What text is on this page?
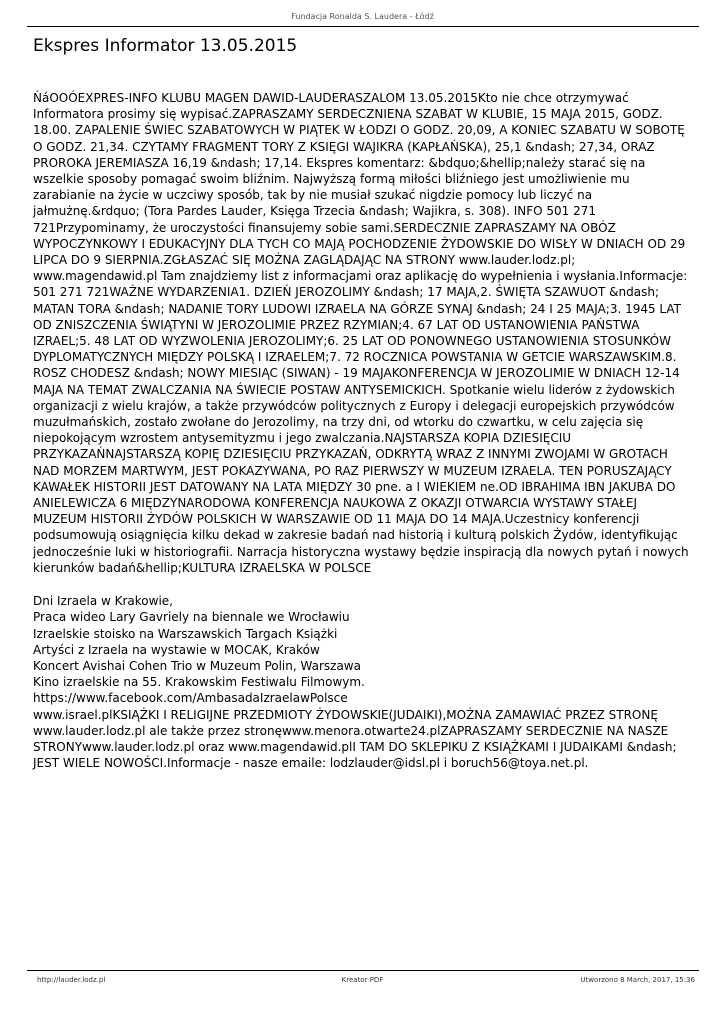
Fundacja Ronalda S. Laudera - Łódź
Ekspres Informator 13.05.2015

ŃáΟΟÓEXPRES-INFO KLUBU MAGEN DAWID-LAUDERASZALOM 13.05.2015Kto nie chce otrzymywać Informatora prosimy się wypisać.ZAPRASZAMY SERDECZNIENA SZABAT W KLUBIE, 15 MAJA 2015, GODZ. 18.00. ZAPALENIE ŚWIEC SZABATOWYCH W PIĄTEK W ŁODZI O GODZ. 20,09, A KONIEC SZABATU W SOBOTĘ O GODZ. 21,34. CZYTAMY FRAGMENT TORY Z KSIĘGI WAJIKRA (KAPŁAŃSKA), 25,1 &ndash; 27,34, ORAZ PROROKA JEREMIASZA 16,19 &ndash; 17,14. Ekspres komentarz: &bdquo;&hellip;należy starać się na wszelkie sposoby pomagać swoim bliźnim. Najwyższą formą miłości bliźniego jest umożliwienie mu zarabianie na życie w uczciwy sposób, tak by nie musiał szukać nigdzie pomocy lub liczyć na jałmużnę.&rdquo; (Tora Pardes Lauder, Księga Trzecia &ndash; Wajikra, s. 308). INFO 501 271 721Przypominamy, że uroczystości finansujemy sobie sami.SERDECZNIE ZAPRASZAMY NA OBÓZ WYPOCZYNKOWY I EDUKACYJNY DLA TYCH CO MAJĄ POCHODZENIE ŻYDOWSKIE DO WISŁY W DNIACH OD 29 LIPCA DO 9 SIERPNIA.ZGŁASZAĆ SIĘ MOŻNA ZAGLĄDAJĄC NA STRONY www.lauder.lodz.pl; www.magendawid.pl Tam znajdziemy list z informacjami oraz aplikację do wypełnienia i wysłania.Informacje: 501 271 721WAŻNE WYDARZENIA1. DZIEŃ JEROZOLIMY &ndash; 17 MAJA,2. ŚWIĘTA SZAWUOT &ndash; MATAN TORA &ndash; NADANIE TORY LUDOWI IZRAELA NA GÓRZE SYNAJ &ndash; 24 I 25 MAJA;3. 1945 LAT OD ZNISZCZENIA ŚWIĄTYNI W JEROZOLIMIE PRZEZ RZYMIAN;4. 67 LAT OD USTANOWIENIA PAŃSTWA IZRAEL;5. 48 LAT OD WYZWOLENIA JEROZOLIMY;6. 25 LAT OD PONOWNEGO USTANOWIENIA STOSUNKÓW DYPLOMATYCZNYCH MIĘDZY POLSKĄ I IZRAELEM;7. 72 ROCZNICA POWSTANIA W GETCIE WARSZAWSKIM.8. ROSZ CHODESZ &ndash; NOWY MIESIĄC (SIWAN) - 19 MAJAKONFERENCJA W JEROZOLIMIE W DNIACH 12-14 MAJA NA TEMAT ZWALCZANIA NA ŚWIECIE POSTAW ANTYSEMICKICH. Spotkanie wielu liderów z żydowskich organizacji z wielu krajów, a także przywódców politycznych z Europy i delegacji europejskich przywódców muzułmańskich, zostało zwołane do Jerozolimy, na trzy dni, od wtorku do czwartku, w celu zajęcia się niepokojącym wzrostem antysemityzmu i jego zwalczania.NAJSTARSZA KOPIA DZIESIĘCIU PRZYKAZAŃNAJSTARSZĄ KOPIĘ DZIESIĘCIU PRZYKAZAŃ, ODKRYTĄ WRAZ Z INNYMI ZWOJAMI W GROTACH NAD MORZEM MARTWYM, JEST POKAZYWANA, PO RAZ PIERWSZY W MUZEUM IZRAELA. TEN PORUSZAJĄCY KAWAŁEK HISTORII JEST DATOWANY NA LATA MIĘDZY 30 pne. a I WIEKIEM ne.OD IBRAHIMA IBN JAKUBA DO ANIELEWICZA 6 MIĘDZYNARODOWA KONFERENCJA NAUKOWA Z OKAZJI OTWARCIA WYSTAWY STAŁEJ MUZEUM HISTORII ŻYDÓW POLSKICH W WARSZAWIE OD 11 MAJA DO 14 MAJA.Uczestnicy konferencji podsumowują osiągnięcia kilku dekad w zakresie badań nad historią i kulturą polskich Żydów, identyfikując jednocześnie luki w historiografii. Narracja historyczna wystawy będzie inspiracją dla nowych pytań i nowych kierunków badań&hellip;KULTURA IZRAELSKA W POLSCE

Dni Izraela w Krakowie,
Praca wideo Lary Gavriely na biennale we Wrocławiu
Izraelskie stoisko na Warszawskich Targach Książki
Artyści z Izraela na wystawie w MOCAK, Kraków
Koncert Avishai Cohen Trio w Muzeum Polin, Warszawa
Kino izraelskie na 55. Krakowskim Festiwalu Filmowym.
https://www.facebook.com/AmbasadaIzraelawPolsce

www.israel.plKSIĄŻKI I RELIGIJNE PRZEDMIOTY ŻYDOWSKIE(JUDAIKI),MOŻNA ZAMAWIAĆ PRZEZ STRONĘ www.lauder.lodz.pl ale także przez stronęwww.menora.otwarte24.plZAPRASZAMY SERDECZNIE NA NASZE STRONYwww.lauder.lodz.pl oraz www.magendawid.plI TAM DO SKLEPIKU Z KSIĄŻKAMI I JUDAIKAMI &ndash; JEST WIELE NOWOŚCI.Informacje - nasze emaile: lodzlauder@idsl.pl i boruch56@toya.net.pl.

http://lauder.lodz.pl	Kreator PDF	Utworzono 8 March, 2017, 15:36
